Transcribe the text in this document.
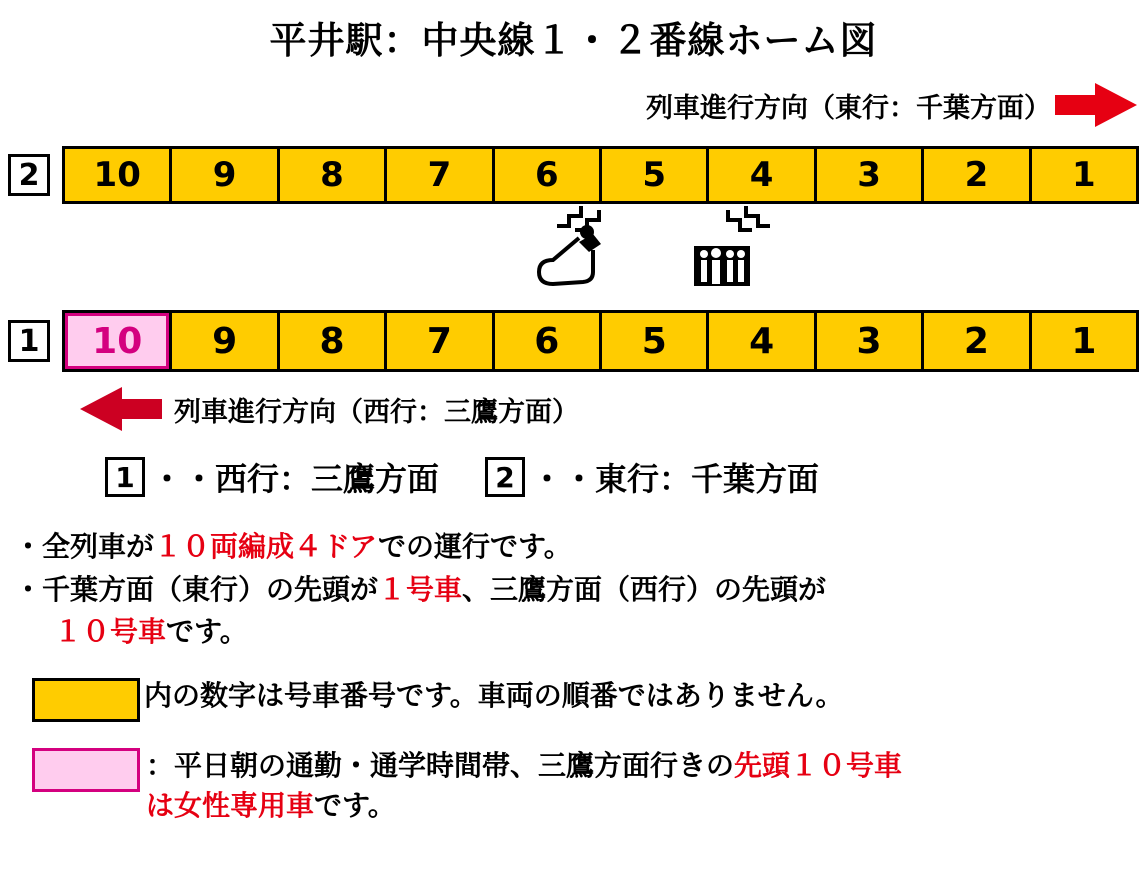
平井駅：中央線１・２番線ホーム図
列車進行方向（東行：千葉方面）
2	10	9	8	7	6	5	4	3	2	1
1	10	9	8	7	6	5	4	3	2	1
列車進行方向（西行：三鷹方面）
1 ・・西行：三鷹方面	2 ・・東行：千葉方面
・全列車が１０両編成４ドアでの運行です。
・千葉方面（東行）の先頭が１号車、三鷹方面（西行）の先頭が
１０号車です。
内の数字は号車番号です。車両の順番ではありません。
：平日朝の通勤・通学時間帯、三鷹方面行きの先頭１０号車
は女性専用車です。
